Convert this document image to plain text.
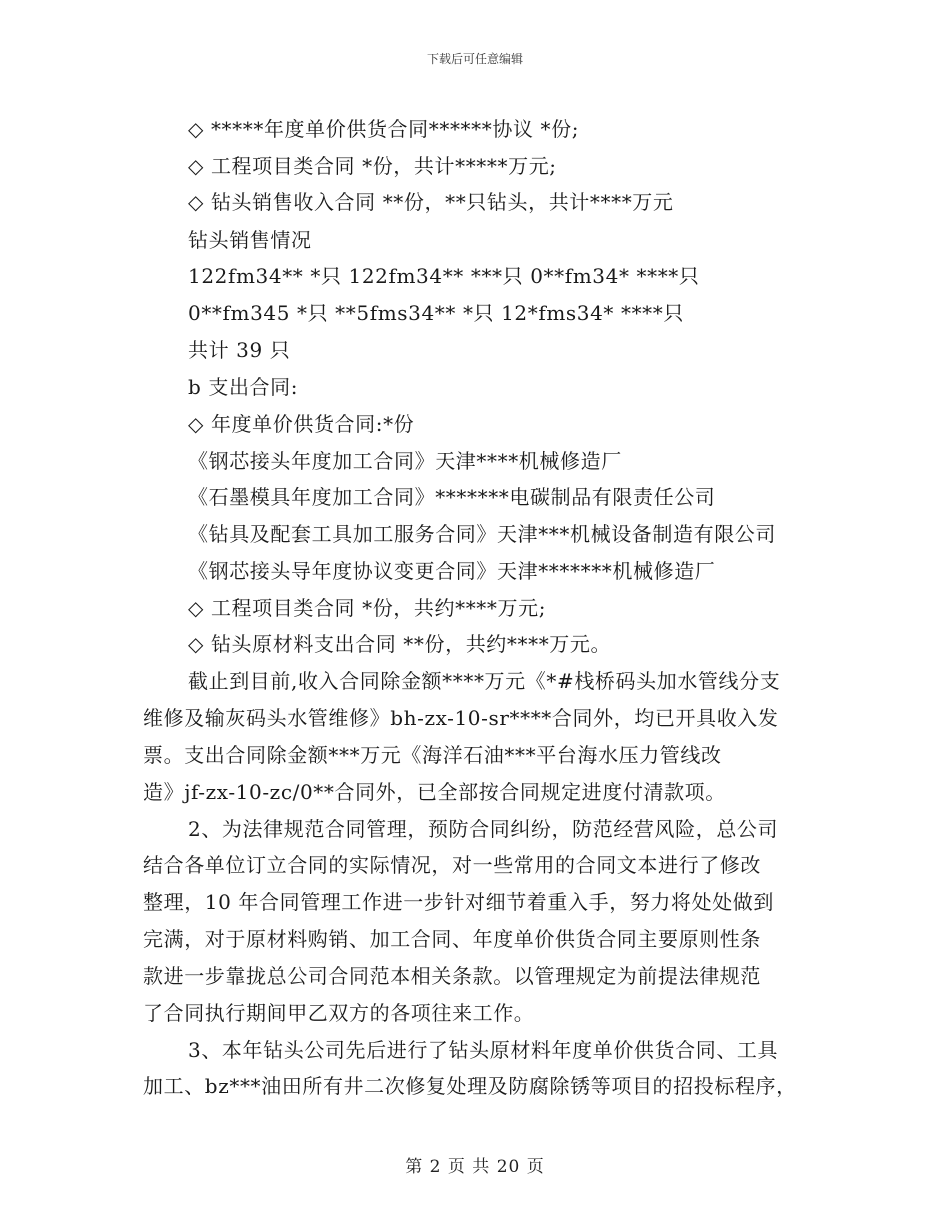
下载后可任意编辑
◇ *****年度单价供货合同******协议 *份;
◇ 工程项目类合同 *份，共计*****万元;
◇ 钻头销售收入合同 **份，**只钻头，共计****万元
钻头销售情况
122fm34** *只 122fm34** ***只 0**fm34* ****只
0**fm345 *只 **5fms34** *只 12*fms34* ****只
共计 39 只
b 支出合同:
◇ 年度单价供货合同:*份
《钢芯接头年度加工合同》天津****机械修造厂
《石墨模具年度加工合同》*******电碳制品有限责任公司
《钻具及配套工具加工服务合同》天津***机械设备制造有限公司
《钢芯接头导年度协议变更合同》天津*******机械修造厂
◇ 工程项目类合同 *份，共约****万元;
◇ 钻头原材料支出合同 **份，共约****万元。
截止到目前,收入合同除金额****万元《*#栈桥码头加水管线分支
维修及输灰码头水管维修》bh-zx-10-sr****合同外，均已开具收入发
票。支出合同除金额***万元《海洋石油***平台海水压力管线改
造》jf-zx-10-zc/0**合同外，已全部按合同规定进度付清款项。
2、为法律规范合同管理，预防合同纠纷，防范经营风险，总公司
结合各单位订立合同的实际情况，对一些常用的合同文本进行了修改
整理，10 年合同管理工作进一步针对细节着重入手，努力将处处做到
完满，对于原材料购销、加工合同、年度单价供货合同主要原则性条
款进一步靠拢总公司合同范本相关条款。以管理规定为前提法律规范
了合同执行期间甲乙双方的各项往来工作。
3、本年钻头公司先后进行了钻头原材料年度单价供货合同、工具
加工、bz***油田所有井二次修复处理及防腐除锈等项目的招投标程序，
第 2 页 共 20 页
